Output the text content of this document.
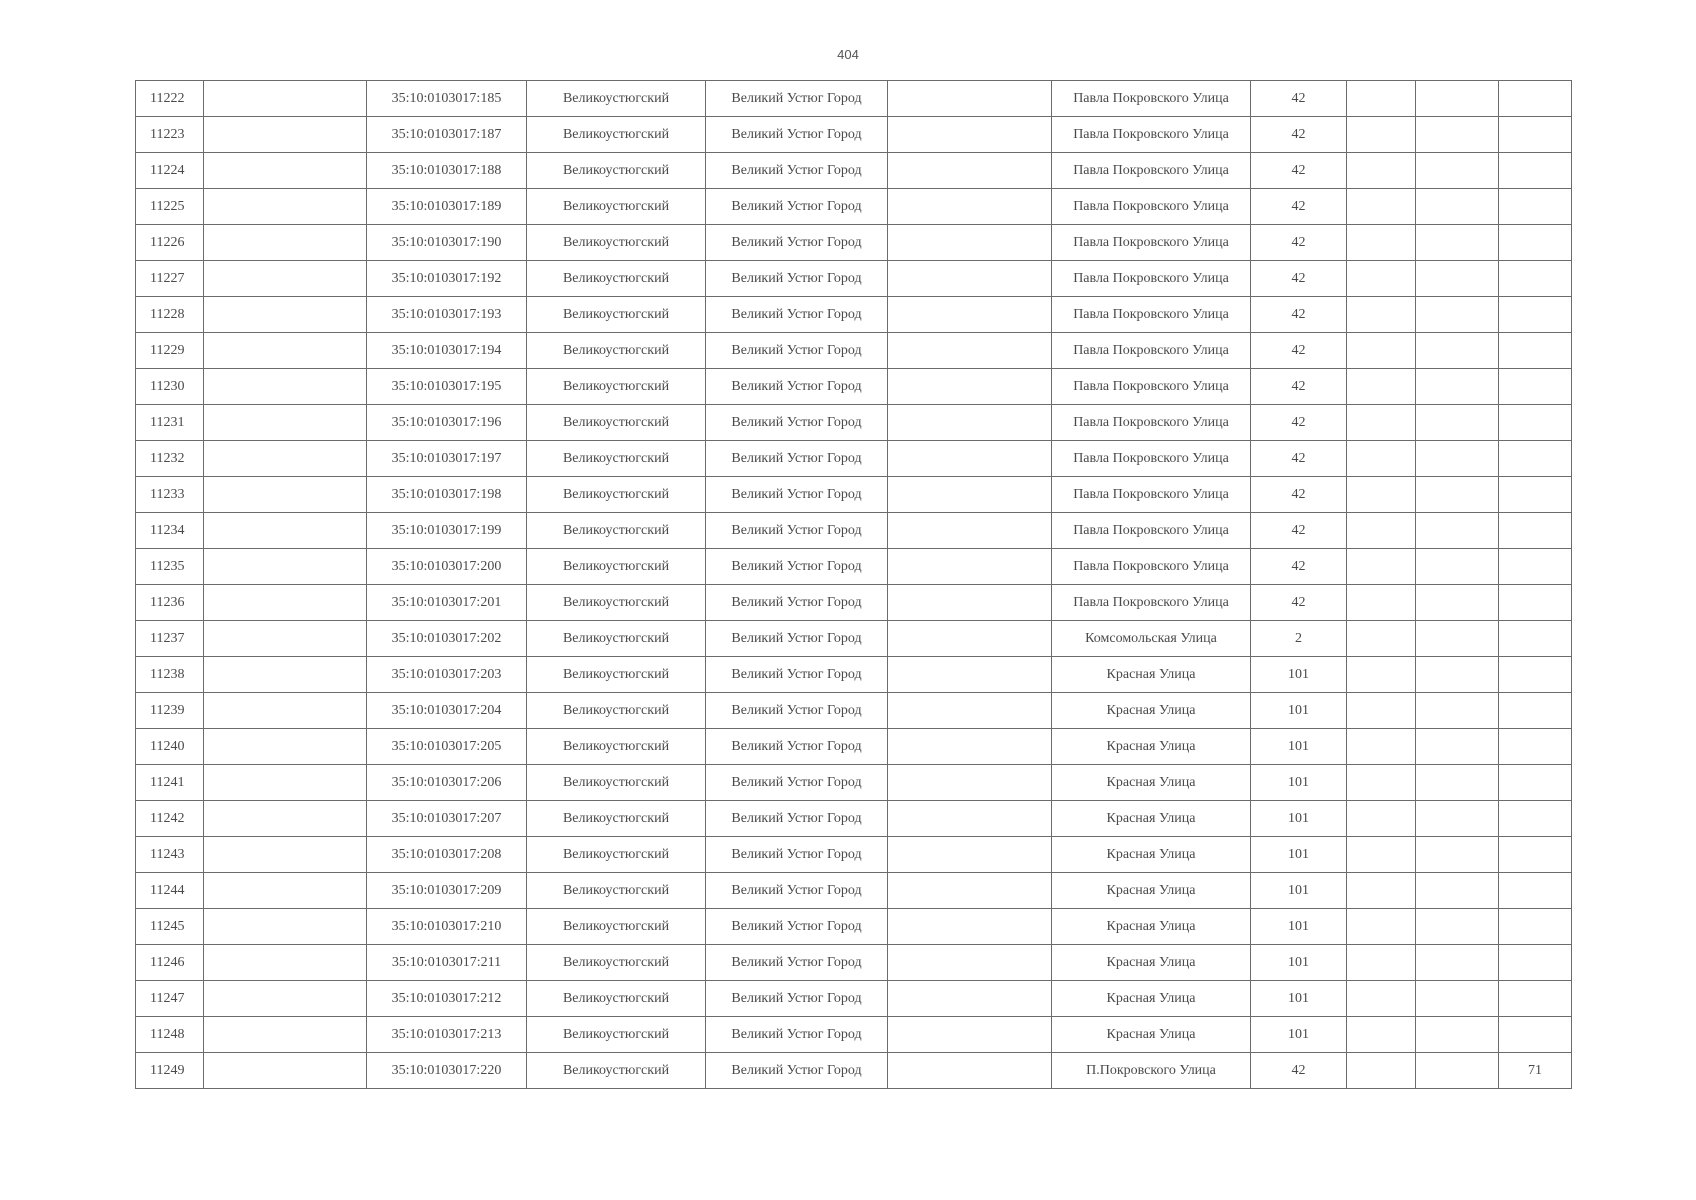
404
11222		35:10:0103017:185	Великоустюгский	Великий Устюг Город		Павла Покровского Улица	42			
11223		35:10:0103017:187	Великоустюгский	Великий Устюг Город		Павла Покровского Улица	42			
11224		35:10:0103017:188	Великоустюгский	Великий Устюг Город		Павла Покровского Улица	42			
11225		35:10:0103017:189	Великоустюгский	Великий Устюг Город		Павла Покровского Улица	42			
11226		35:10:0103017:190	Великоустюгский	Великий Устюг Город		Павла Покровского Улица	42			
11227		35:10:0103017:192	Великоустюгский	Великий Устюг Город		Павла Покровского Улица	42			
11228		35:10:0103017:193	Великоустюгский	Великий Устюг Город		Павла Покровского Улица	42			
11229		35:10:0103017:194	Великоустюгский	Великий Устюг Город		Павла Покровского Улица	42			
11230		35:10:0103017:195	Великоустюгский	Великий Устюг Город		Павла Покровского Улица	42			
11231		35:10:0103017:196	Великоустюгский	Великий Устюг Город		Павла Покровского Улица	42			
11232		35:10:0103017:197	Великоустюгский	Великий Устюг Город		Павла Покровского Улица	42			
11233		35:10:0103017:198	Великоустюгский	Великий Устюг Город		Павла Покровского Улица	42			
11234		35:10:0103017:199	Великоустюгский	Великий Устюг Город		Павла Покровского Улица	42			
11235		35:10:0103017:200	Великоустюгский	Великий Устюг Город		Павла Покровского Улица	42			
11236		35:10:0103017:201	Великоустюгский	Великий Устюг Город		Павла Покровского Улица	42			
11237		35:10:0103017:202	Великоустюгский	Великий Устюг Город		Комсомольская Улица	2			
11238		35:10:0103017:203	Великоустюгский	Великий Устюг Город		Красная Улица	101			
11239		35:10:0103017:204	Великоустюгский	Великий Устюг Город		Красная Улица	101			
11240		35:10:0103017:205	Великоустюгский	Великий Устюг Город		Красная Улица	101			
11241		35:10:0103017:206	Великоустюгский	Великий Устюг Город		Красная Улица	101			
11242		35:10:0103017:207	Великоустюгский	Великий Устюг Город		Красная Улица	101			
11243		35:10:0103017:208	Великоустюгский	Великий Устюг Город		Красная Улица	101			
11244		35:10:0103017:209	Великоустюгский	Великий Устюг Город		Красная Улица	101			
11245		35:10:0103017:210	Великоустюгский	Великий Устюг Город		Красная Улица	101			
11246		35:10:0103017:211	Великоустюгский	Великий Устюг Город		Красная Улица	101			
11247		35:10:0103017:212	Великоустюгский	Великий Устюг Город		Красная Улица	101			
11248		35:10:0103017:213	Великоустюгский	Великий Устюг Город		Красная Улица	101			
11249		35:10:0103017:220	Великоустюгский	Великий Устюг Город		П.Покровского Улица	42			71
